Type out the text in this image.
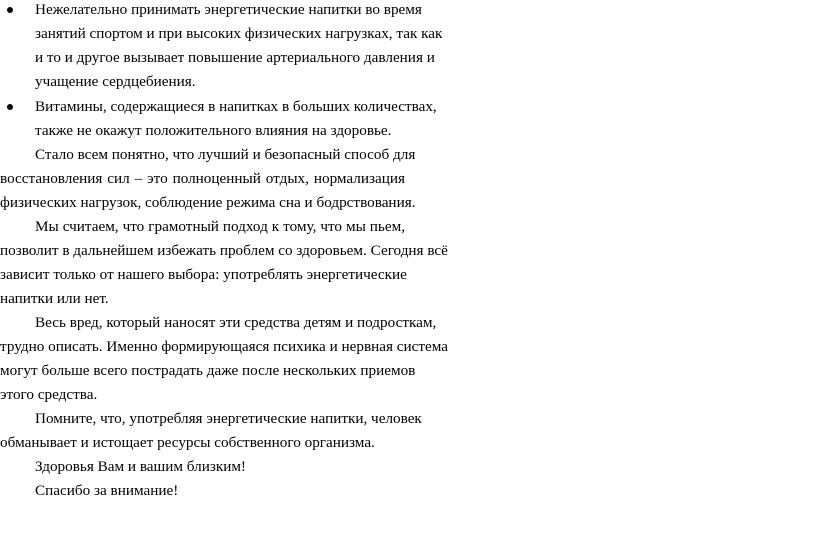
Нежелательно принимать энергетические напитки во время
занятий спортом и при высоких физических нагрузках, так как
и то и другое вызывает повышение артериального давления и
учащение сердцебиения.
Витамины, содержащиеся в напитках в больших количествах,
также не окажут положительного влияния на здоровье.
Стало всем понятно, что лучший и безопасный способ для
восстановления сил – это полноценный отдых, нормализация
физических нагрузок, соблюдение режима сна и бодрствования.
Мы считаем, что грамотный подход к тому, что мы пьем,
позволит в дальнейшем избежать проблем со здоровьем. Сегодня всё
зависит только от нашего выбора: употреблять энергетические
напитки или нет.
Весь вред, который наносят эти средства детям и подросткам,
трудно описать. Именно формирующаяся психика и нервная система
могут больше всего пострадать даже после нескольких приемов
этого средства.
Помните, что, употребляя энергетические напитки, человек
обманывает и истощает ресурсы собственного организма.
Здоровья Вам и вашим близким!
Спасибо за внимание!
